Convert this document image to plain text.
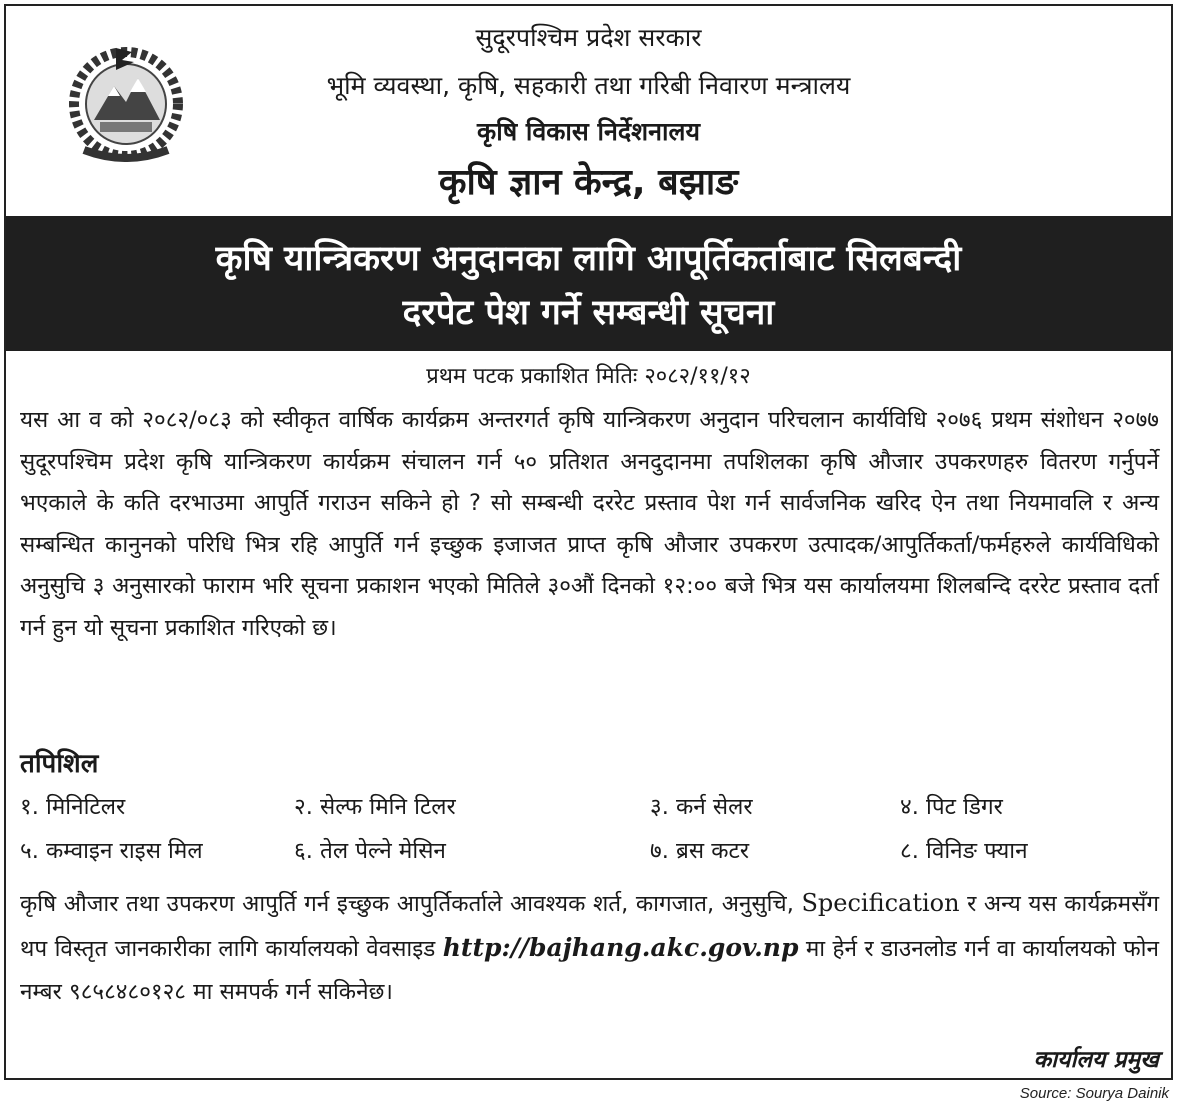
सुदूरपश्चिम प्रदेश सरकार
भूमि व्यवस्था, कृषि, सहकारी तथा गरिबी निवारण मन्त्रालय
कृषि विकास निर्देशनालय
कृषि ज्ञान केन्द्र, बझाङ
कृषि यान्त्रिकरण अनुदानका लागि आपूर्तिकर्ताबाट सिलबन्दी
दरपेट पेश गर्ने सम्बन्धी सूचना
प्रथम पटक प्रकाशित मितिः २०८२/११/१२
यस आ व को २०८२/०८३ को स्वीकृत वार्षिक कार्यक्रम अन्तरगर्त कृषि यान्त्रिकरण अनुदान परिचलान कार्यविधि २०७६ प्रथम संशोधन २०७७ सुदूरपश्चिम प्रदेश कृषि यान्त्रिकरण कार्यक्रम संचालन गर्न ५० प्रतिशत अनदुदानमा तपशिलका कृषि औजार उपकरणहरु वितरण गर्नुपर्ने भएकाले के कति दरभाउमा आपुर्ति गराउन सकिने हो ? सो सम्बन्धी दररेट प्रस्ताव पेश गर्न सार्वजनिक खरिद ऐन तथा नियमावलि र अन्य सम्बन्धित कानुनको परिधि भित्र रहि आपुर्ति गर्न इच्छुक इजाजत प्राप्त कृषि औजार उपकरण उत्पादक/आपुर्तिकर्ता/फर्महरुले कार्यविधिको अनुसुचि ३ अनुसारको फाराम भरि सूचना प्रकाशन भएको मितिले ३०औं दिनको १२:०० बजे भित्र यस कार्यालयमा शिलबन्दि दररेट प्रस्ताव दर्ता गर्न हुन यो सूचना प्रकाशित गरिएको छ।
तपिशिल
१. मिनिटिलर	२. सेल्फ मिनि टिलर	३. कर्न सेलर	४. पिट डिगर
५. कम्वाइन राइस मिल	६. तेल पेल्ने मेसिन	७. ब्रस कटर	८. विनिङ फ्यान
कृषि औजार तथा उपकरण आपुर्ति गर्न इच्छुक आपुर्तिकर्ताले आवश्यक शर्त, कागजात, अनुसुचि, Specification र अन्य यस कार्यक्रमसँग थप विस्तृत जानकारीका लागि कार्यालयको वेवसाइड http://bajhang.akc.gov.np मा हेर्न र डाउनलोड गर्न वा कार्यालयको फोन नम्बर ९८५८४८०१२८ मा समपर्क गर्न सकिनेछ।
कार्यालय प्रमुख
Source: Sourya Dainik
